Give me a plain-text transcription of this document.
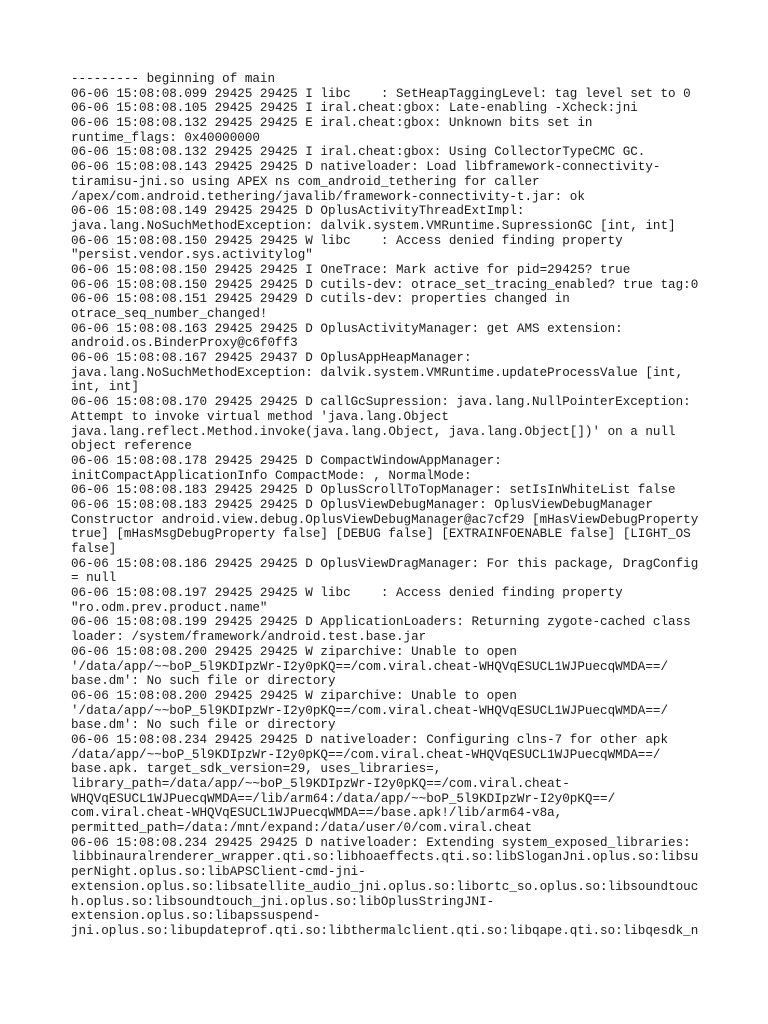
--------- beginning of main
06-06 15:08:08.099 29425 29425 I libc    : SetHeapTaggingLevel: tag level set to 0
06-06 15:08:08.105 29425 29425 I iral.cheat:gbox: Late-enabling -Xcheck:jni
06-06 15:08:08.132 29425 29425 E iral.cheat:gbox: Unknown bits set in
runtime_flags: 0x40000000
06-06 15:08:08.132 29425 29425 I iral.cheat:gbox: Using CollectorTypeCMC GC.
06-06 15:08:08.143 29425 29425 D nativeloader: Load libframework-connectivity-
tiramisu-jni.so using APEX ns com_android_tethering for caller
/apex/com.android.tethering/javalib/framework-connectivity-t.jar: ok
06-06 15:08:08.149 29425 29425 D OplusActivityThreadExtImpl:
java.lang.NoSuchMethodException: dalvik.system.VMRuntime.SupressionGC [int, int]
06-06 15:08:08.150 29425 29425 W libc    : Access denied finding property
"persist.vendor.sys.activitylog"
06-06 15:08:08.150 29425 29425 I OneTrace: Mark active for pid=29425? true
06-06 15:08:08.150 29425 29425 D cutils-dev: otrace_set_tracing_enabled? true tag:0
06-06 15:08:08.151 29425 29429 D cutils-dev: properties changed in
otrace_seq_number_changed!
06-06 15:08:08.163 29425 29425 D OplusActivityManager: get AMS extension:
android.os.BinderProxy@c6f0ff3
06-06 15:08:08.167 29425 29437 D OplusAppHeapManager:
java.lang.NoSuchMethodException: dalvik.system.VMRuntime.updateProcessValue [int,
int, int]
06-06 15:08:08.170 29425 29425 D callGcSupression: java.lang.NullPointerException:
Attempt to invoke virtual method 'java.lang.Object
java.lang.reflect.Method.invoke(java.lang.Object, java.lang.Object[])' on a null
object reference
06-06 15:08:08.178 29425 29425 D CompactWindowAppManager:
initCompactApplicationInfo CompactMode: , NormalMode:
06-06 15:08:08.183 29425 29425 D OplusScrollToTopManager: setIsInWhiteList false
06-06 15:08:08.183 29425 29425 D OplusViewDebugManager: OplusViewDebugManager
Constructor android.view.debug.OplusViewDebugManager@ac7cf29 [mHasViewDebugProperty
true] [mHasMsgDebugProperty false] [DEBUG false] [EXTRAINFOENABLE false] [LIGHT_OS
false]
06-06 15:08:08.186 29425 29425 D OplusViewDragManager: For this package, DragConfig
= null
06-06 15:08:08.197 29425 29425 W libc    : Access denied finding property
"ro.odm.prev.product.name"
06-06 15:08:08.199 29425 29425 D ApplicationLoaders: Returning zygote-cached class
loader: /system/framework/android.test.base.jar
06-06 15:08:08.200 29425 29425 W ziparchive: Unable to open
'/data/app/~~boP_5l9KDIpzWr-I2y0pKQ==/com.viral.cheat-WHQVqESUCL1WJPuecqWMDA==/
base.dm': No such file or directory
06-06 15:08:08.200 29425 29425 W ziparchive: Unable to open
'/data/app/~~boP_5l9KDIpzWr-I2y0pKQ==/com.viral.cheat-WHQVqESUCL1WJPuecqWMDA==/
base.dm': No such file or directory
06-06 15:08:08.234 29425 29425 D nativeloader: Configuring clns-7 for other apk
/data/app/~~boP_5l9KDIpzWr-I2y0pKQ==/com.viral.cheat-WHQVqESUCL1WJPuecqWMDA==/
base.apk. target_sdk_version=29, uses_libraries=,
library_path=/data/app/~~boP_5l9KDIpzWr-I2y0pKQ==/com.viral.cheat-
WHQVqESUCL1WJPuecqWMDA==/lib/arm64:/data/app/~~boP_5l9KDIpzWr-I2y0pKQ==/
com.viral.cheat-WHQVqESUCL1WJPuecqWMDA==/base.apk!/lib/arm64-v8a,
permitted_path=/data:/mnt/expand:/data/user/0/com.viral.cheat
06-06 15:08:08.234 29425 29425 D nativeloader: Extending system_exposed_libraries:
libbinauralrenderer_wrapper.qti.so:libhoaeffects.qti.so:libSloganJni.oplus.so:libsu
perNight.oplus.so:libAPSClient-cmd-jni-
extension.oplus.so:libsatellite_audio_jni.oplus.so:libortc_so.oplus.so:libsoundtouc
h.oplus.so:libsoundtouch_jni.oplus.so:libOplusStringJNI-
extension.oplus.so:libapssuspend-
jni.oplus.so:libupdateprof.qti.so:libthermalclient.qti.so:libqape.qti.so:libqesdk_n
